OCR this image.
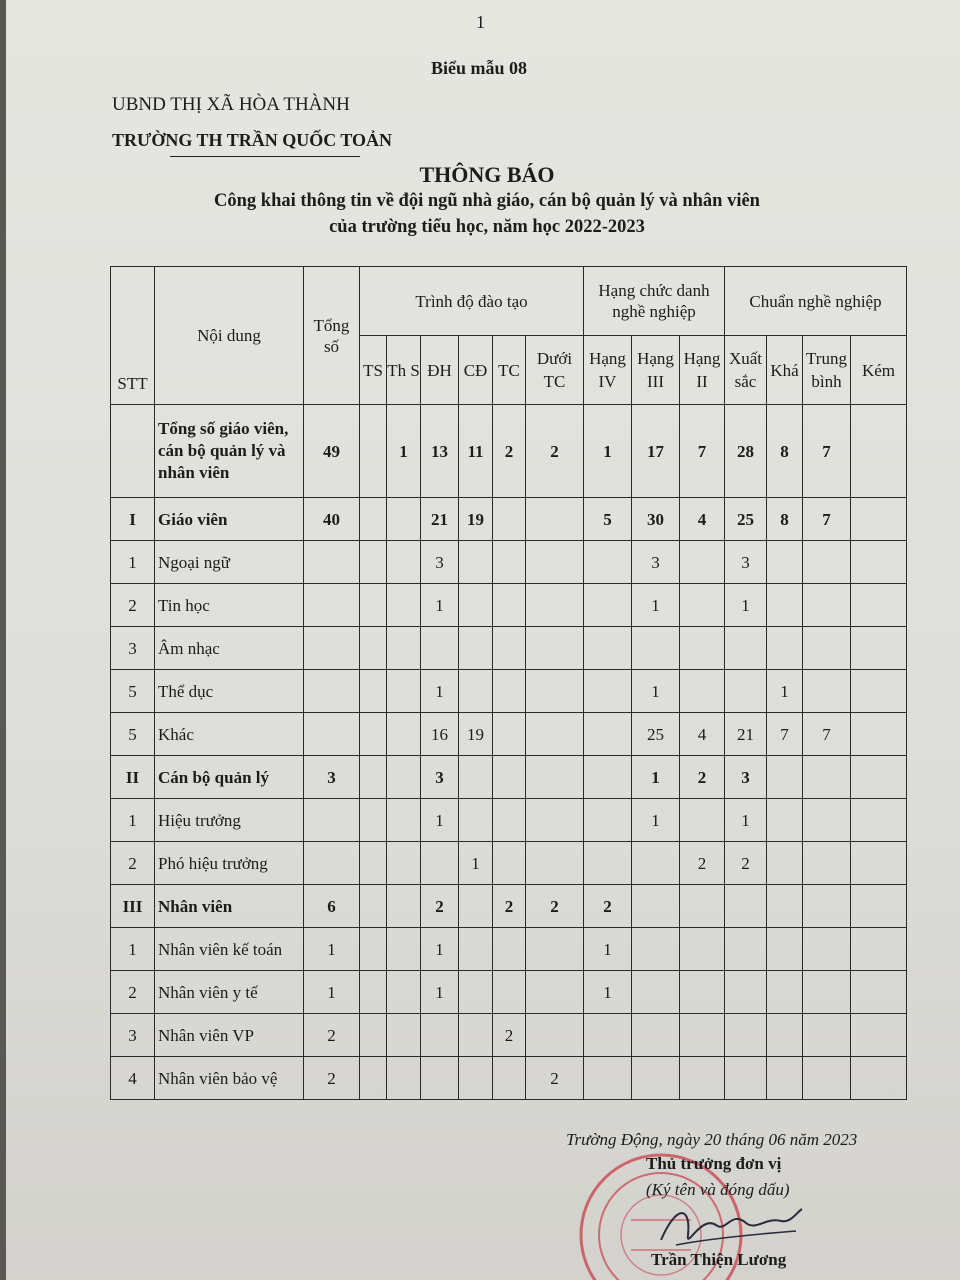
1
Biểu mẫu 08
UBND THỊ XÃ HÒA THÀNH
TRƯỜNG TH TRẦN QUỐC TOẢN
THÔNG BÁO
Công khai thông tin về đội ngũ nhà giáo, cán bộ quản lý và nhân viên
của trường tiểu học, năm học 2022-2023
STT	Nội dung	Tổng số	Trình độ đào tạo						Hạng chức danh nghề nghiệp			Chuẩn nghề nghiệp			
			TS	Th S	ĐH	CĐ	TC	Dưới TC	Hạng IV	Hạng III	Hạng II	Xuất sắc	Khá	Trung bình	Kém
	Tổng số giáo viên, cán bộ quản lý và nhân viên	49		1	13	11	2	2	1	17	7	28	8	7	
I	Giáo viên	40			21	19			5	30	4	25	8	7	
1	Ngoại ngữ				3					3		3			
2	Tin học				1					1		1			
3	Âm nhạc														
5	Thể dục				1					1			1		
5	Khác				16	19				25	4	21	7	7	
II	Cán bộ quản lý	3			3					1	2	3			
1	Hiệu trưởng				1					1		1			
2	Phó hiệu trưởng					1					2	2			
III	Nhân viên	6			2		2	2	2						
1	Nhân viên kế toán	1			1				1						
2	Nhân viên y tế	1			1				1						
3	Nhân viên VP	2					2								
4	Nhân viên bảo vệ	2						2							
Trường Động, ngày 20 tháng 06 năm 2023
Thủ trưởng đơn vị
(Ký tên và đóng dấu)
Trần Thiện Lương
